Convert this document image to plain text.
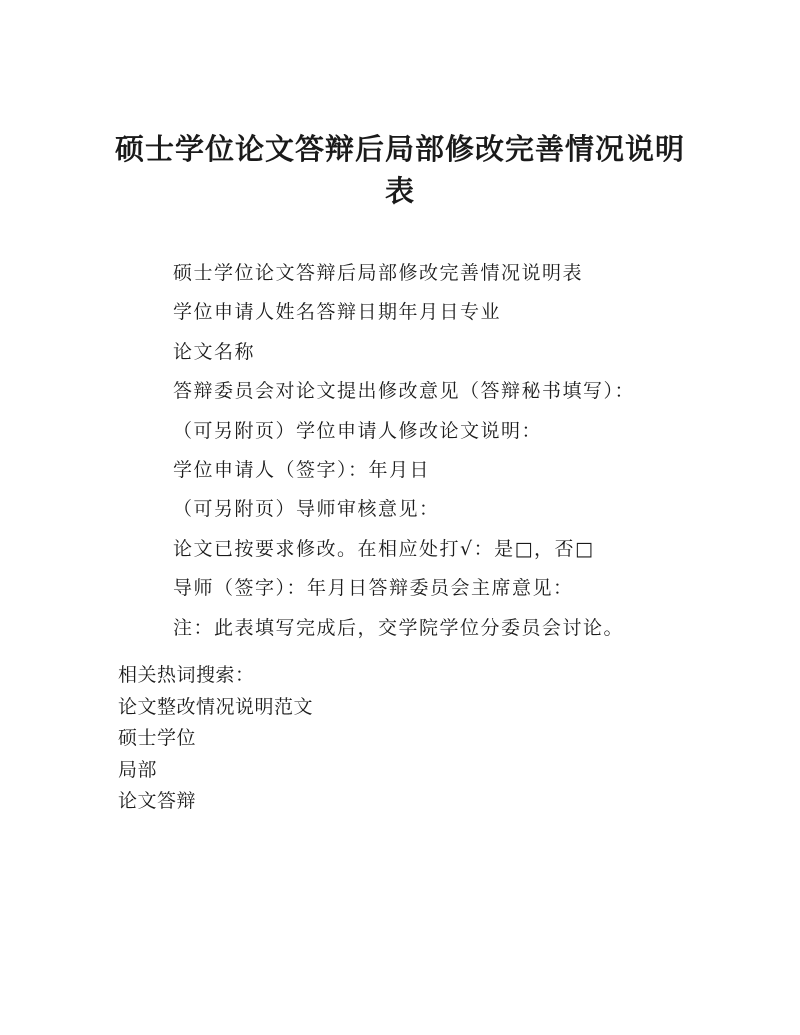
硕士学位论文答辩后局部修改完善情况说明
表
硕士学位论文答辩后局部修改完善情况说明表
学位申请人姓名答辩日期年月日专业
论文名称
答辩委员会对论文提出修改意见（答辩秘书填写）：
（可另附页）学位申请人修改论文说明：
学位申请人（签字）：年月日
（可另附页）导师审核意见：
论文已按要求修改。在相应处打√：是□，否□
导师（签字）：年月日答辩委员会主席意见：
注：此表填写完成后，交学院学位分委员会讨论。
相关热词搜索：
论文整改情况说明范文
硕士学位
局部
论文答辩
